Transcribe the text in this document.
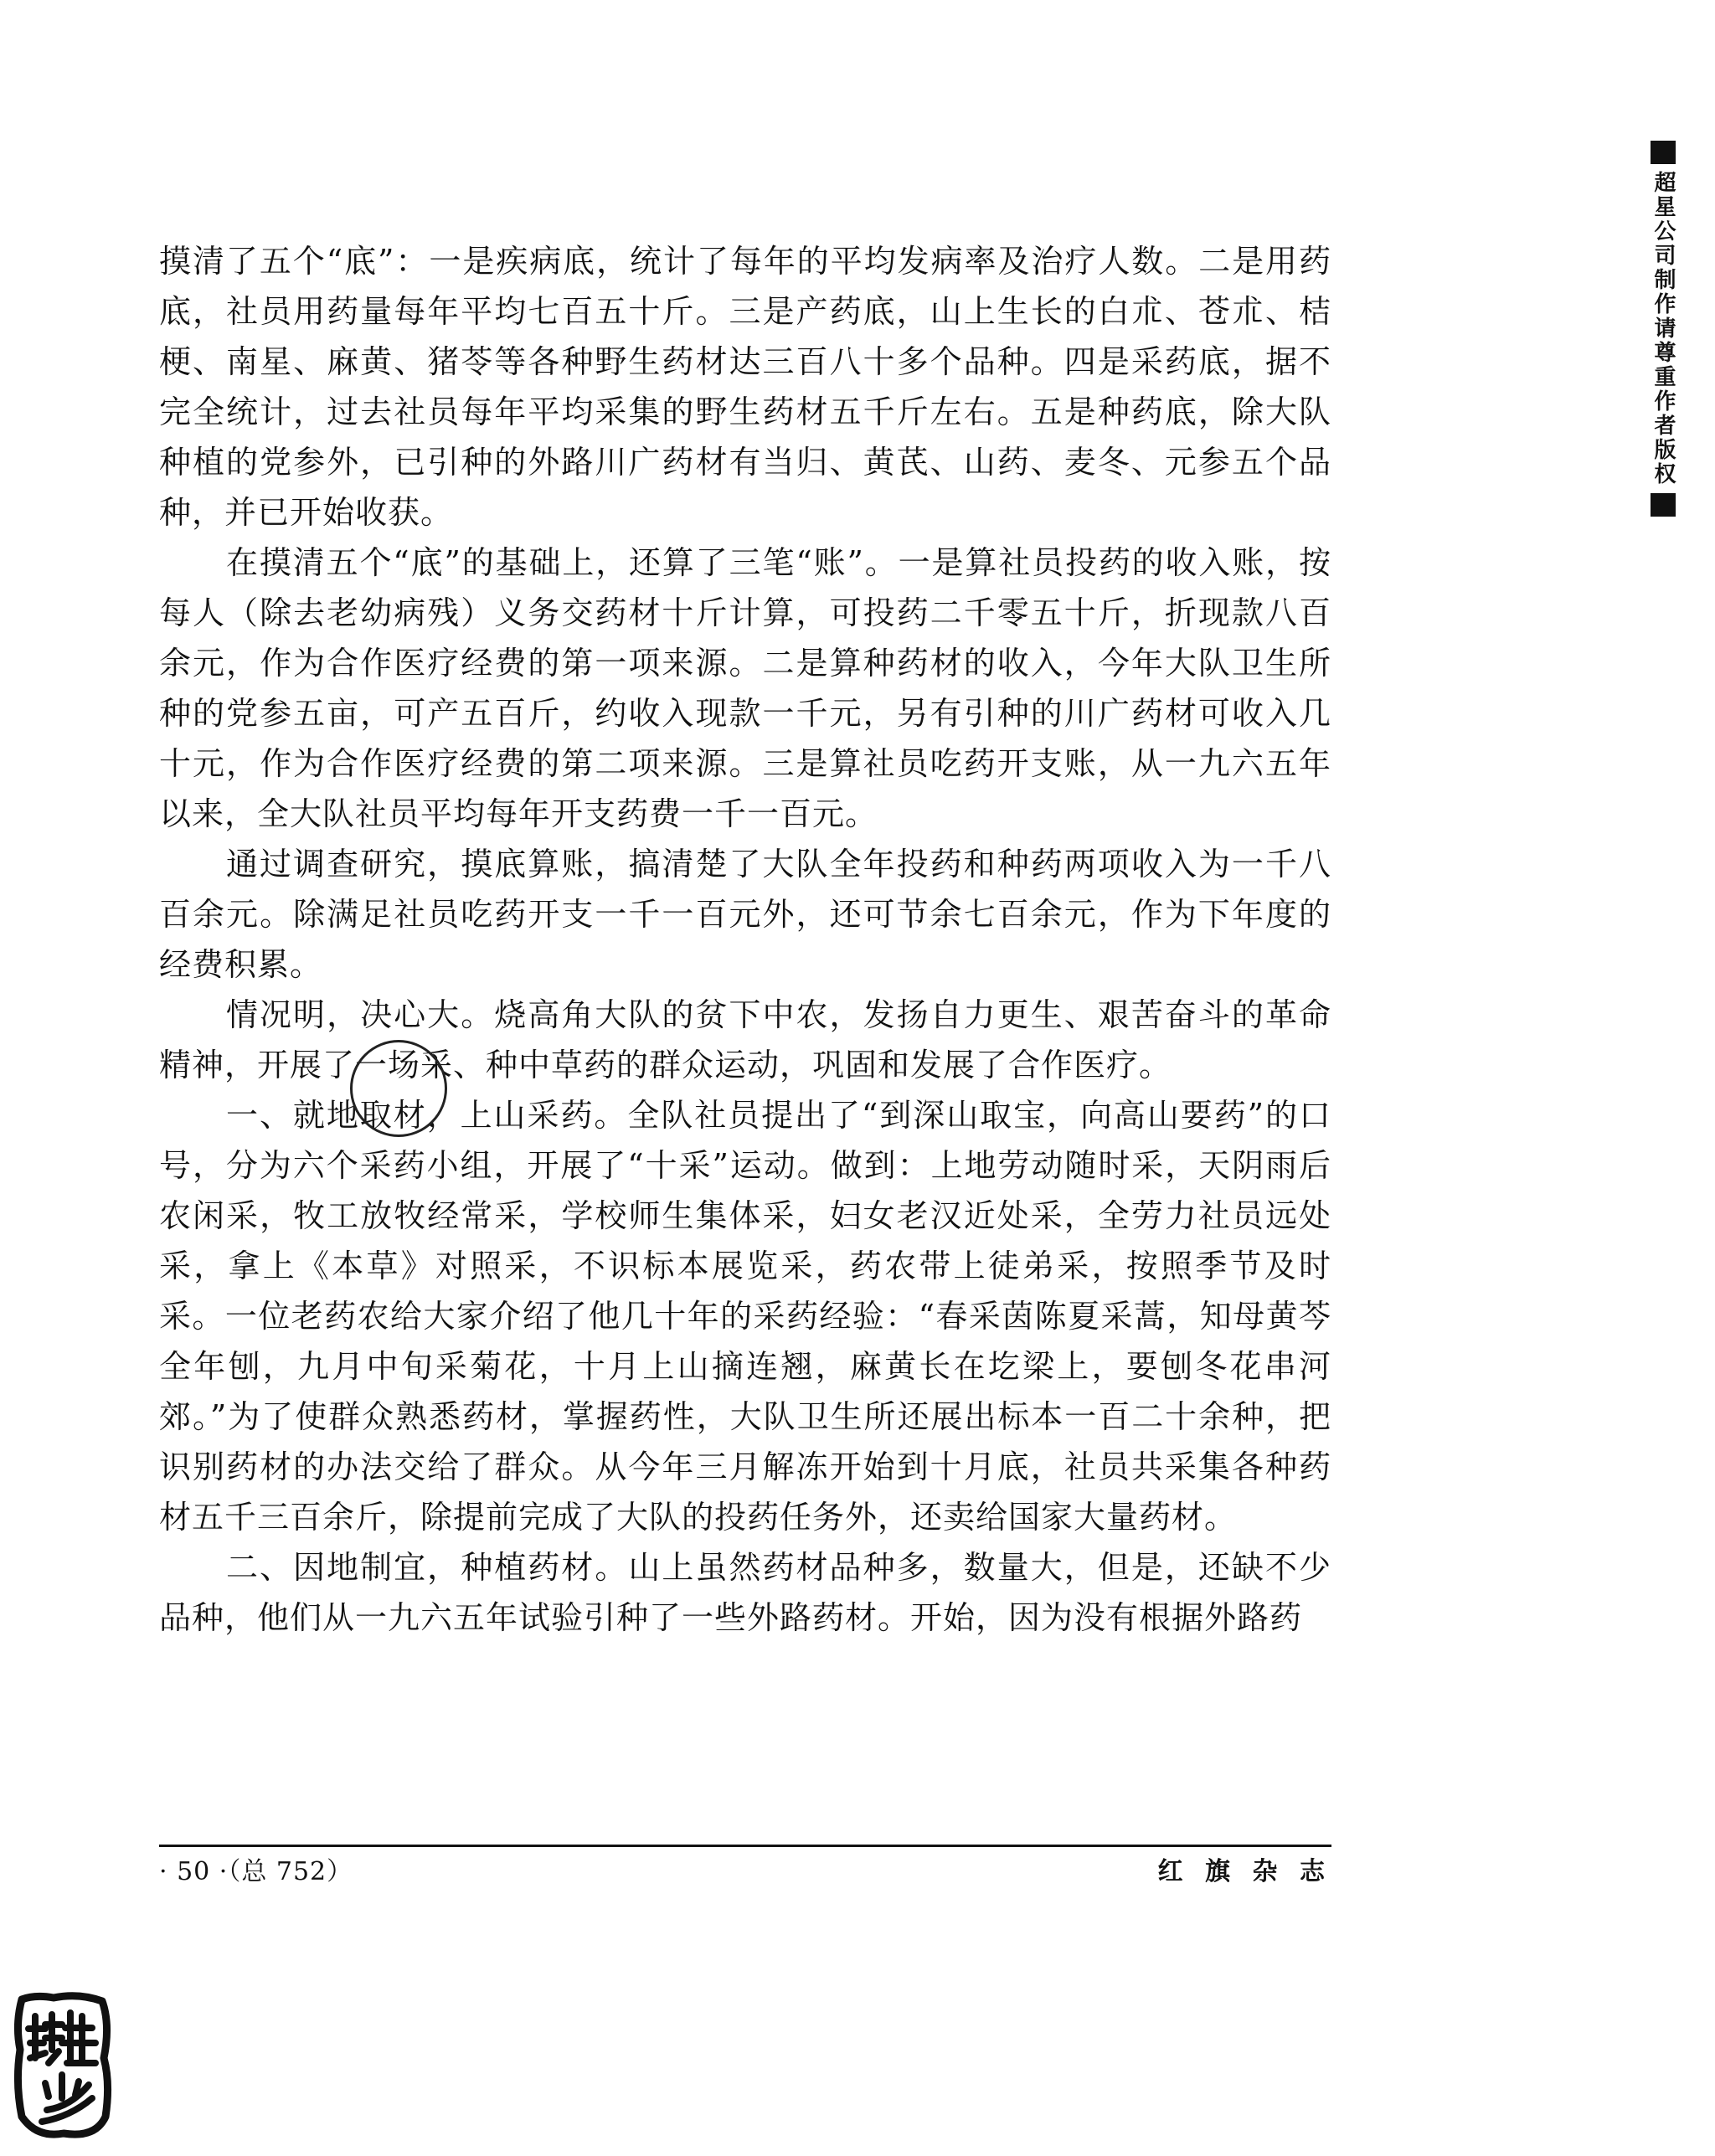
摸清了五个“底”：一是疾病底，统计了每年的平均发病率及治疗人数。二是用药底，社员用药量每年平均七百五十斤。三是产药底，山上生长的白朮、苍朮、桔梗、南星、麻黄、猪苓等各种野生药材达三百八十多个品种。四是采药底，据不完全统计，过去社员每年平均采集的野生药材五千斤左右。五是种药底，除大队种植的党参外，已引种的外路川广药材有当归、黄芪、山药、麦冬、元参五个品种，并已开始收获。

在摸清五个“底”的基础上，还算了三笔“账”。一是算社员投药的收入账，按每人（除去老幼病残）义务交药材十斤计算，可投药二千零五十斤，折现款八百余元，作为合作医疗经费的第一项来源。二是算种药材的收入，今年大队卫生所种的党参五亩，可产五百斤，约收入现款一千元，另有引种的川广药材可收入几十元，作为合作医疗经费的第二项来源。三是算社员吃药开支账，从一九六五年以来，全大队社员平均每年开支药费一千一百元。

通过调查研究，摸底算账，搞清楚了大队全年投药和种药两项收入为一千八百余元。除满足社员吃药开支一千一百元外，还可节余七百余元，作为下年度的经费积累。

情况明，决心大。烧高角大队的贫下中农，发扬自力更生、艰苦奋斗的革命精神，开展了一场采、种中草药的群众运动，巩固和发展了合作医疗。

一、就地取材，上山采药。全队社员提出了“到深山取宝，向高山要药”的口号，分为六个采药小组，开展了“十采”运动。做到：上地劳动随时采，天阴雨后农闲采，牧工放牧经常采，学校师生集体采，妇女老汉近处采，全劳力社员远处采，拿上《本草》对照采，不识标本展览采，药农带上徒弟采，按照季节及时采。一位老药农给大家介绍了他几十年的采药经验：“春采茵陈夏采蒿，知母黄芩全年刨，九月中旬采菊花，十月上山摘连翘，麻黄长在圪梁上，要刨冬花串河郊。”为了使群众熟悉药材，掌握药性，大队卫生所还展出标本一百二十余种，把识别药材的办法交给了群众。从今年三月解冻开始到十月底，社员共采集各种药材五千三百余斤，除提前完成了大队的投药任务外，还卖给国家大量药材。

二、因地制宜，种植药材。山上虽然药材品种多，数量大，但是，还缺不少品种，他们从一九六五年试验引种了一些外路药材。开始，因为没有根据外路药

· 50 ·（总 752）	红 旗 杂 志
超星公司制作请尊重作者版权
